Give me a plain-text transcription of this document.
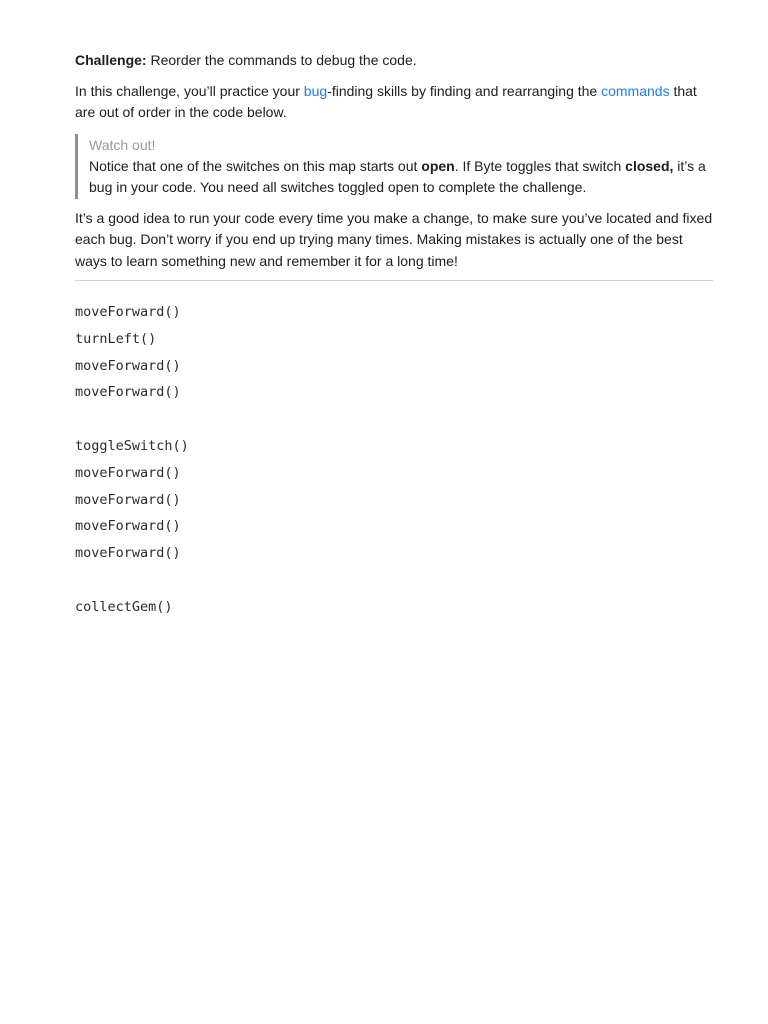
Challenge: Reorder the commands to debug the code.

In this challenge, you’ll practice your bug-finding skills by finding and rearranging the commands that are out of order in the code below.

Watch out!

Notice that one of the switches on this map starts out open. If Byte toggles that switch closed, it’s a bug in your code. You need all switches toggled open to complete the challenge.

It’s a good idea to run your code every time you make a change, to make sure you’ve located and fixed each bug. Don’t worry if you end up trying many times. Making mistakes is actually one of the best ways to learn something new and remember it for a long time!

moveForward()
turnLeft()
moveForward()
moveForward()
toggleSwitch()
moveForward()
moveForward()
moveForward()
moveForward()
collectGem()
